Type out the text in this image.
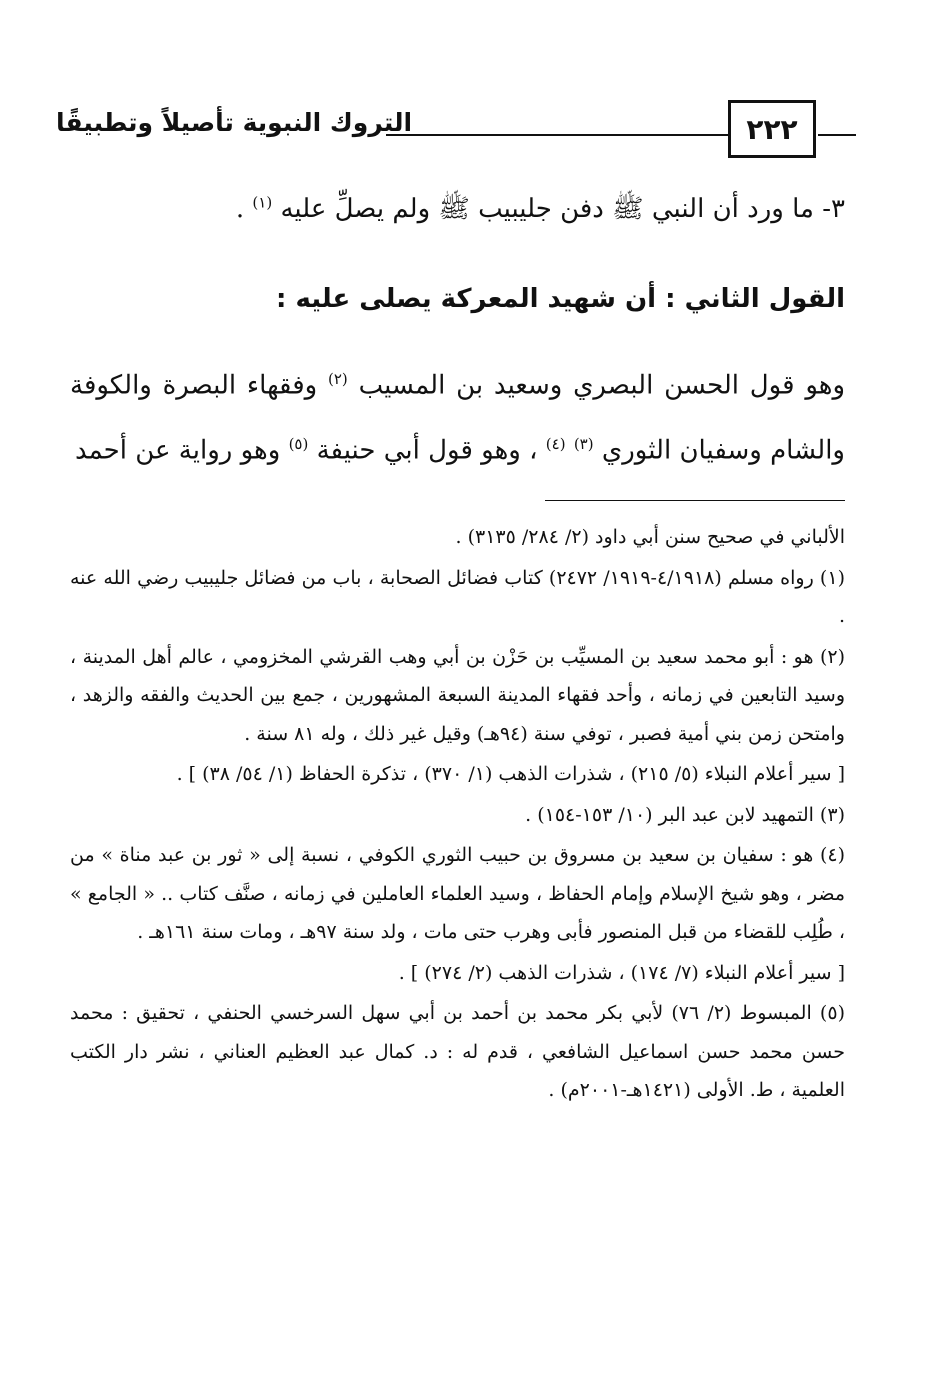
التروك النبوية تأصيلاً وتطبيقًا	٢٢٢
٣- ما ورد أن النبي ﷺ دفن جليبيب ﷺ ولم يصلِّ عليه $^{(١)}$ .
القول الثاني : أن شهيد المعركة يصلى عليه :
وهو قول الحسن البصري وسعيد بن المسيب $^{(٢)}$ وفقهاء البصرة والكوفة والشام وسفيان الثوري $^{(٣)}$ $^{(٤)}$ ، وهو قول أبي حنيفة $^{(٥)}$ وهو رواية عن أحمد

الألباني في صحيح سنن أبي داود (٢/ ٢٨٤/ ٣١٣٥) .

(١) رواه مسلم (٤/١٩١٨-١٩١٩/ ٢٤٧٢) كتاب فضائل الصحابة ، باب من فضائل جليبيب رضي الله عنه .

(٢) هو : أبو محمد سعيد بن المسيِّب بن حَزْن بن أبي وهب القرشي المخزومي ، عالم أهل المدينة ، وسيد التابعين في زمانه ، وأحد فقهاء المدينة السبعة المشهورين ، جمع بين الحديث والفقه والزهد ، وامتحن زمن بني أمية فصبر ، توفي سنة (٩٤هـ) وقيل غير ذلك ، وله ٨١ سنة .

[ سير أعلام النبلاء (٥/ ٢١٥) ، شذرات الذهب (١/ ٣٧٠) ، تذكرة الحفاظ (١/ ٥٤/ ٣٨) ] .

(٣) التمهيد لابن عبد البر (١٠/ ١٥٣-١٥٤) .

(٤) هو : سفيان بن سعيد بن مسروق بن حبيب الثوري الكوفي ، نسبة إلى « ثور بن عبد مناة » من مضر ، وهو شيخ الإسلام وإمام الحفاظ ، وسيد العلماء العاملين في زمانه ، صنَّف كتاب .. « الجامع » ، طُلِب للقضاء من قبل المنصور فأبى وهرب حتى مات ، ولد سنة ٩٧هـ ، ومات سنة ١٦١هـ .

[ سير أعلام النبلاء (٧/ ١٧٤) ، شذرات الذهب (٢/ ٢٧٤) ] .

(٥) المبسوط (٢/ ٧٦) لأبي بكر محمد بن أحمد بن أبي سهل السرخسي الحنفي ، تحقيق : محمد حسن محمد حسن اسماعيل الشافعي ، قدم له : د. كمال عبد العظيم العناني ، نشر دار الكتب العلمية ، ط. الأولى (١٤٢١هـ-٢٠٠١م) .
